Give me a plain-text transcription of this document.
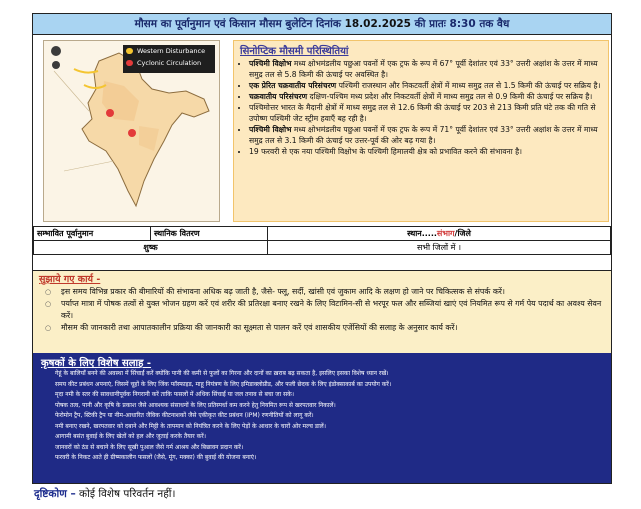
मौसम का पूर्वानुमान एवं किसान मौसम बुलेटिन दिनांक 18.02.2025 की प्रातः 8:30 तक वैध
Western Disturbance
Cyclonic Circulation
सिनोप्टिक मौसमी परिस्थितियां
• पश्चिमी विक्षोभ मध्य क्षोभमंडलीय पछुआ पवनों में एक ट्रफ के रूप में 67° पूर्वी देशांतर एवं 33° उत्तरी अक्षांश के उत्तर में माध्य समुद्र तल से 5.8 किमी की ऊंचाई पर अवस्थित है।
• एक प्रेरित चक्रवातीय परिसंचरण पश्चिमी राजस्थान और निकटवर्ती क्षेत्रों में माध्य समुद्र तल से 1.5 किमी की ऊंचाई पर सक्रिय है।
• चक्रवातीय परिसंचरण दक्षिण-पश्चिम मध्य प्रदेश और निकटवर्ती क्षेत्रों में माध्य समुद्र तल से 0.9 किमी की ऊंचाई पर सक्रिय है।
• पश्चिमोत्तर भारत के मैदानी क्षेत्रों में माध्य समुद्र तल से 12.6 किमी की ऊंचाई पर 203 से 213 किमी प्रति घंटे तक की गति से उपोष्ण पश्चिमी जेट स्ट्रीम हवाएँ बह रही है।
• पश्चिमी विक्षोभ मध्य क्षोभमंडलीय पछुआ पवनों में एक ट्रफ के रूप में 71° पूर्वी देशांतर एवं 33° उत्तरी अक्षांश के उत्तर में माध्य समुद्र तल से 3.1 किमी की ऊंचाई पर उत्तर-पूर्व की ओर बढ़ गया है।
• 19 फरवरी से एक नया पश्चिमी विक्षोभ के पश्चिमी हिमालयी क्षेत्र को प्रभावित करने की संभावना है।
सम्भावित पूर्वानुमान	स्थानिक वितरण	स्थान.....संभाग/जिले
शुष्क		सभी जिलों में ।
सुझाये गए कार्य -
○ इस समय विभिन्न प्रकार की बीमारियों की संभावना अधिक बढ़ जाती है, जैसे- फ्लू, सर्दी, खांसी एवं जुकाम आदि के लक्षण हो जाने पर चिकित्सक से संपर्क करें।
○ पर्याप्त मात्रा में पोषक तत्वों से युक्त भोजन ग्रहण करें एवं शरीर की प्रतिरक्षा बनाए रखने के लिए विटामिन-सी से भरपूर फल और सब्जियां खाएं एवं नियमित रूप से गर्म पेय पदार्थ का अवश्य सेवन करें।
○ मौसम की जानकारी तथा आपातकालीन प्रक्रिया की जानकारी का सूक्ष्मता से पालन करें एवं शासकीय एजेंसियों की सलाह के अनुसार कार्य करें।
कृषकों के लिए विशेष सलाह -
❖ गेहूं के बालियाँ बनने की अवस्था में सिंचाईं करें क्योंकि पानी की कमी से फूलों का गिरना और दानों का ख़राब बढ़ सकता है, इसलिए इसका विशेष ध्यान रखें।
❖ समय कीट प्रबंधन अपनाएं, जिसमें चूहों के लिए जिंक फॉस्फाइड, माहू नियंत्रण के लिए इमिडाक्लोप्रीड, और फली छेदक के लिए इंडोक्साकार्ब का उपयोग करें।
❖ मृदा नमी के स्तर की सावधानीपूर्वक निगरानी करें ताकि फसलों में अधिक सिंचाईं या जल तनाव से बचा जा सके।
❖ पोषक तत्व, पानी और कृषि के प्रकाश जैसे आवश्यक संसाधनों के लिए प्रतिस्पर्धा कम करने हेतु नियमित रूप से खरपतवार निकालें।
❖ फेरोमोन ट्रैप, स्टिकी ट्रैप या नीम-आधारित जैविक कीटनाशकों जैसे एकीकृत कीट प्रबंधन (IPM) रणनीतियों को लागू करें।
❖ नमी बनाए रखने, खरपतवार को दबाने और मिट्टी के तापमान को नियंत्रित करने के लिए पेड़ों के आधार के चारों ओर मल्च डालें।
❖ आगामी बसंत बुवाई के लिए खेतों को हल और जुताई करके तैयार करें।
❖ जानवरों को ठंड से बचाने के लिए सूखी पुआल जैसे गर्म आश्रय और बिछावन प्रदान करें।
❖ फरवरी के निकट आते ही ग्रीष्मकालीन फसलों (जैसे, मूंग, मक्का) की बुवाई की योजना बनाएं।
दृष्टिकोण – कोई विशेष परिवर्तन नहीं।
